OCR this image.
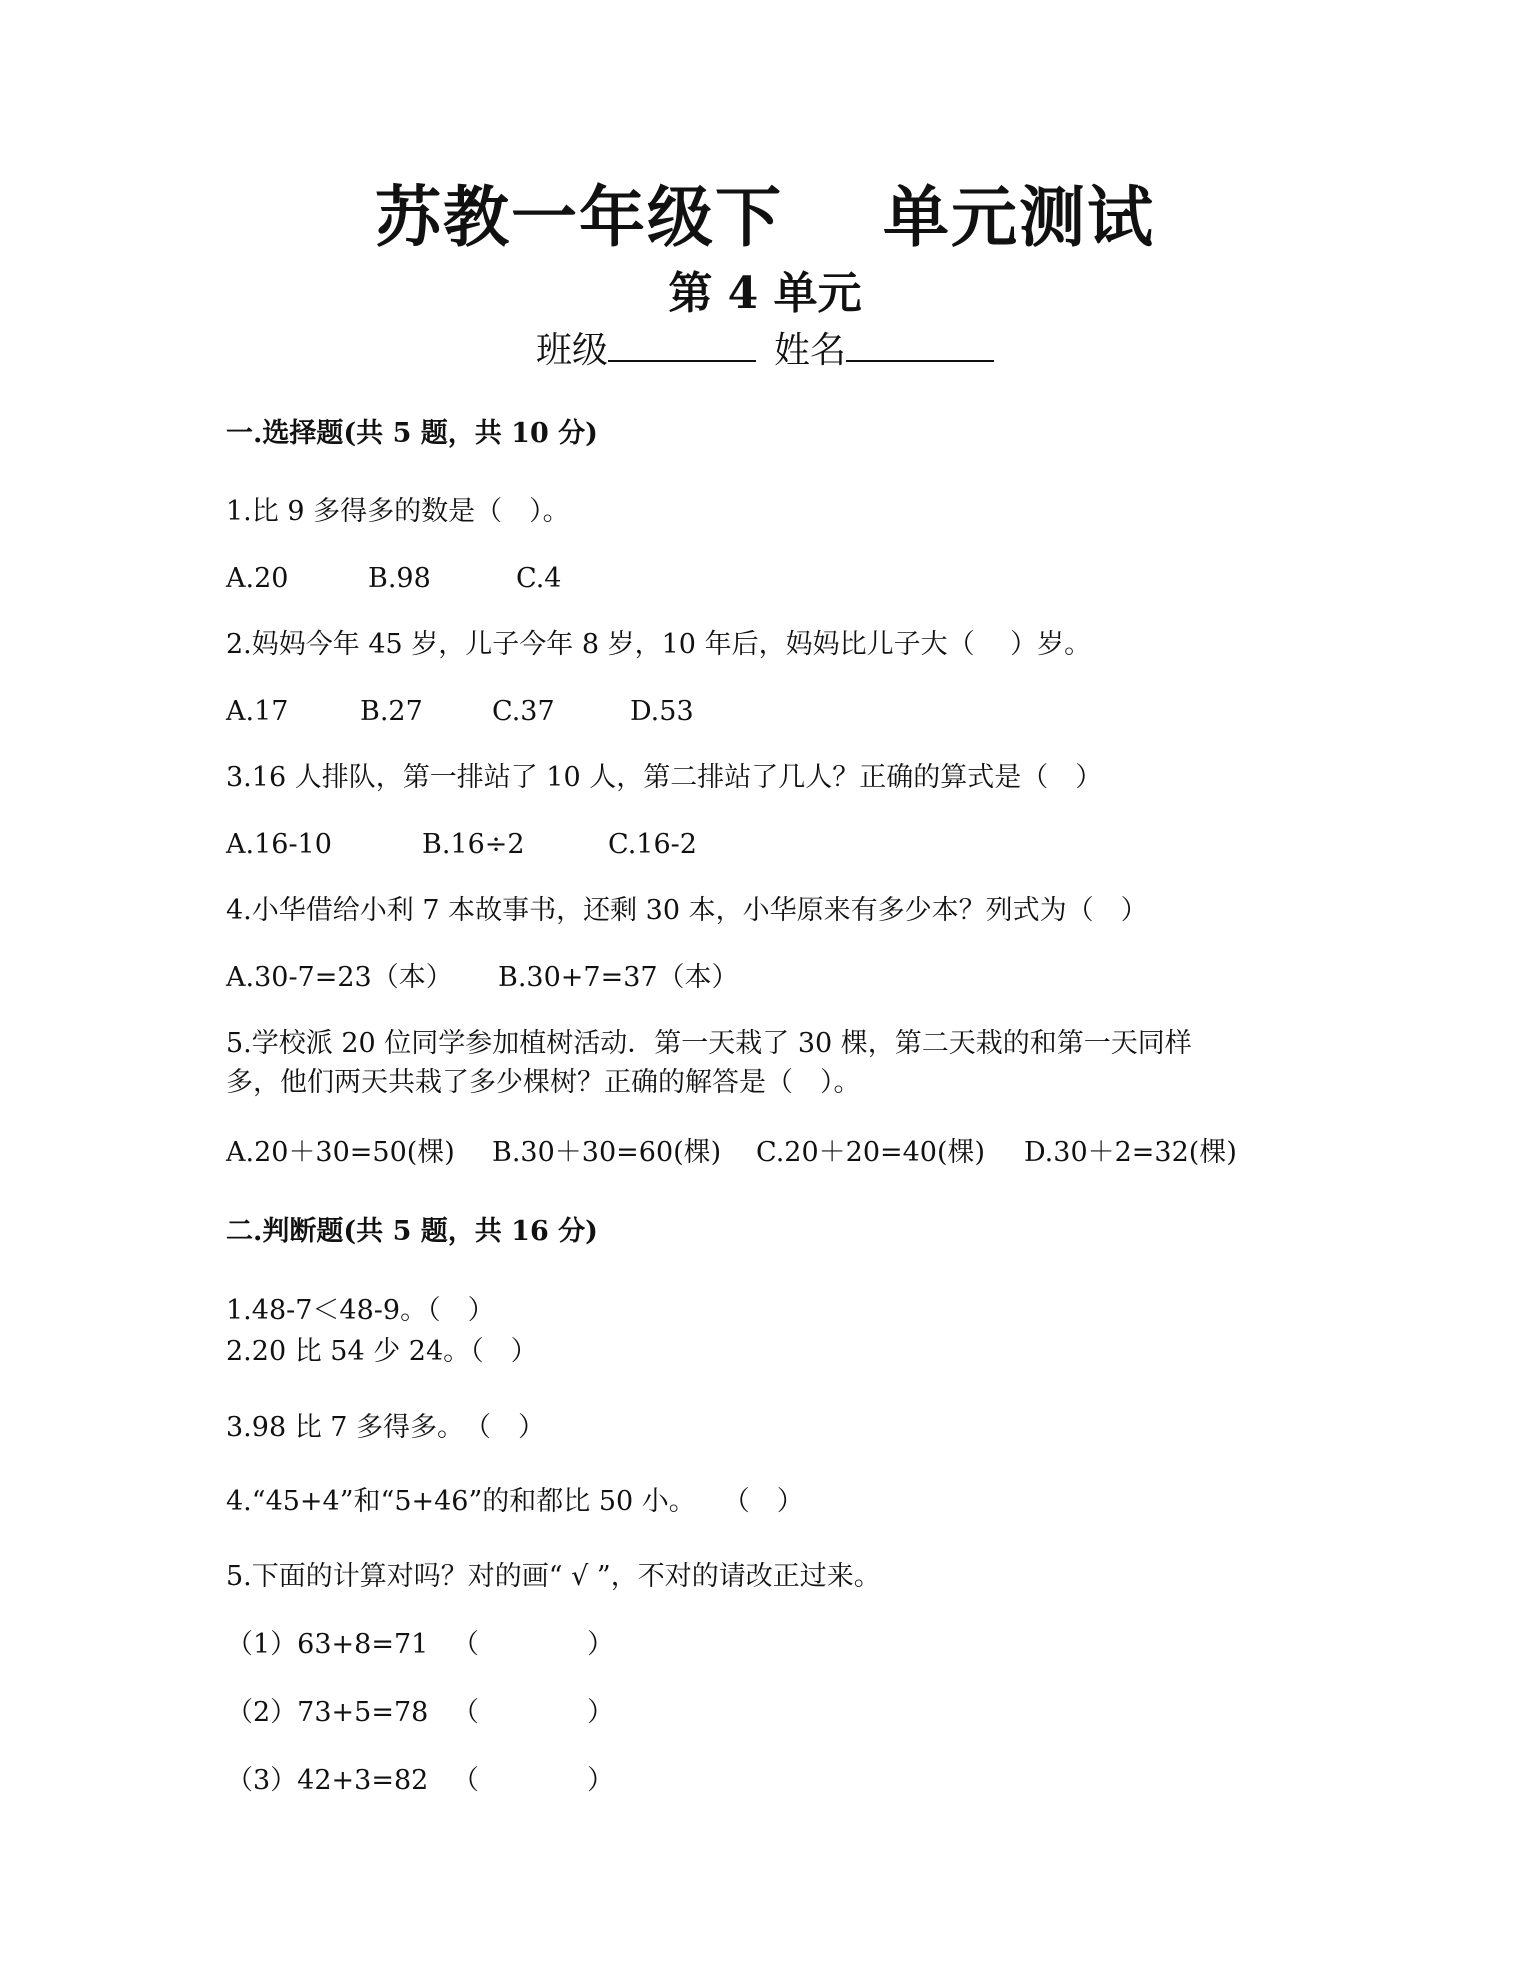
苏教一年级下 单元测试
第 4 单元
班级	姓名
一.选择题(共 5 题，共 10 分)
1.比 9 多得多的数是（　）。
A.20	B.98	C.4
2.妈妈今年 45 岁，儿子今年 8 岁，10 年后，妈妈比儿子大（　 ）岁。
A.17	B.27	C.37	D.53
3.16 人排队，第一排站了 10 人，第二排站了几人？正确的算式是（　）
A.16-10	B.16÷2	C.16-2
4.小华借给小利 7 本故事书，还剩 30 本，小华原来有多少本？列式为（　）
A.30-7=23（本） B.30+7=37（本）
5.学校派 20 位同学参加植树活动．第一天栽了 30 棵，第二天栽的和第一天同样
多，他们两天共栽了多少棵树？正确的解答是（　）。
A.20＋30=50(棵) B.30＋30=60(棵) C.20＋20=40(棵) D.30＋2=32(棵)
二.判断题(共 5 题，共 16 分)
1.48-7＜48-9。（　）
2.20 比 54 少 24。（　）
3.98 比 7 多得多。　（　）
4.“45+4”和“5+46”的和都比 50 小。　　（　）
5.下面的计算对吗？对的画“ √ ”，不对的请改正过来。
（1）63+8=71 （　　　　）
（2）73+5=78 （　　　　）
（3）42+3=82 （　　　　）
